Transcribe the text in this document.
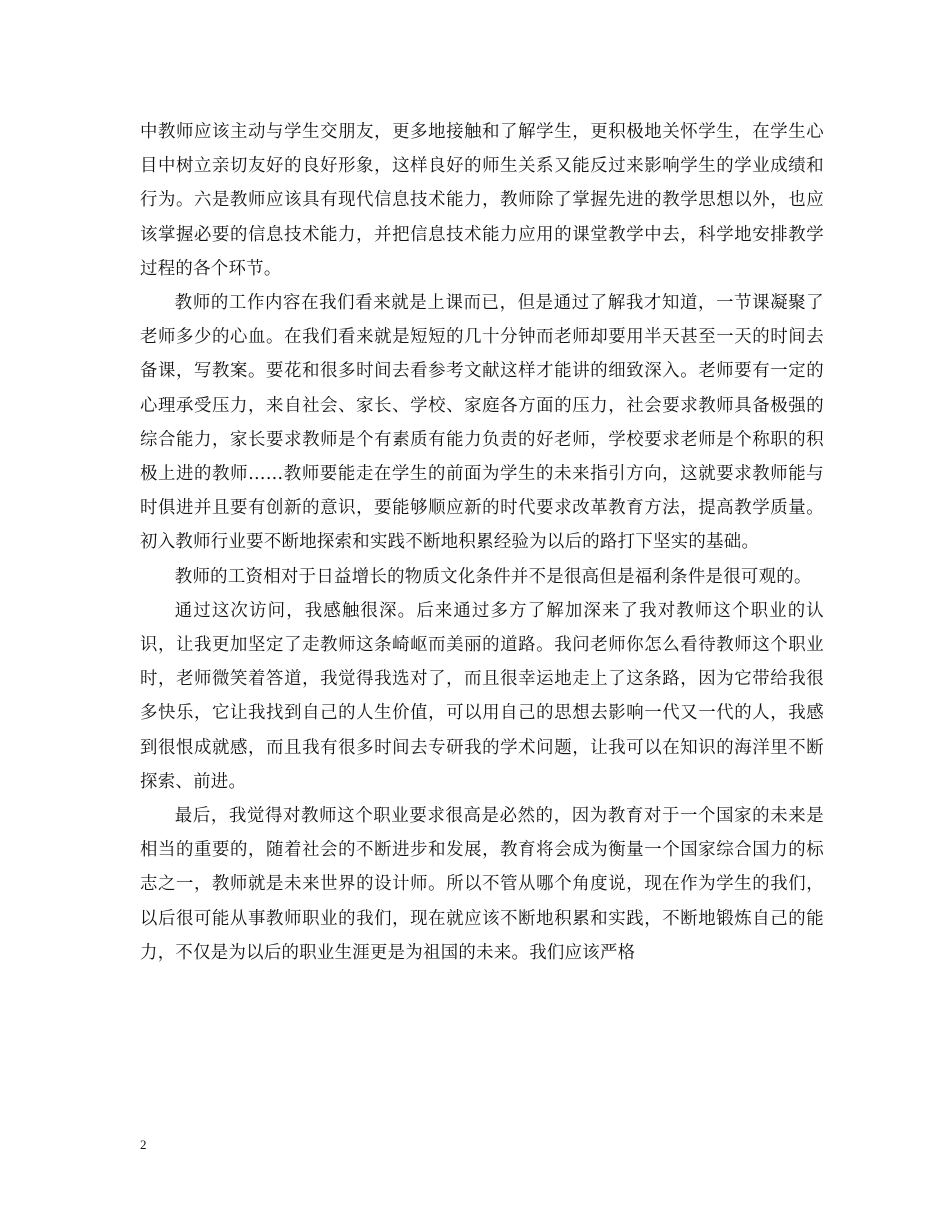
中教师应该主动与学生交朋友，更多地接触和了解学生，更积极地关怀学生，在学生心目中树立亲切友好的良好形象，这样良好的师生关系又能反过来影响学生的学业成绩和行为。六是教师应该具有现代信息技术能力，教师除了掌握先进的教学思想以外，也应该掌握必要的信息技术能力，并把信息技术能力应用的课堂教学中去，科学地安排教学过程的各个环节。

教师的工作内容在我们看来就是上课而已，但是通过了解我才知道，一节课凝聚了老师多少的心血。在我们看来就是短短的几十分钟而老师却要用半天甚至一天的时间去备课，写教案。要花和很多时间去看参考文献这样才能讲的细致深入。老师要有一定的心理承受压力，来自社会、家长、学校、家庭各方面的压力，社会要求教师具备极强的综合能力，家长要求教师是个有素质有能力负责的好老师，学校要求老师是个称职的积极上进的教师……教师要能走在学生的前面为学生的未来指引方向，这就要求教师能与时俱进并且要有创新的意识，要能够顺应新的时代要求改革教育方法，提高教学质量。初入教师行业要不断地探索和实践不断地积累经验为以后的路打下坚实的基础。

教师的工资相对于日益增长的物质文化条件并不是很高但是福利条件是很可观的。

通过这次访问，我感触很深。后来通过多方了解加深来了我对教师这个职业的认识，让我更加坚定了走教师这条崎岖而美丽的道路。我问老师你怎么看待教师这个职业时，老师微笑着答道，我觉得我选对了，而且很幸运地走上了这条路，因为它带给我很多快乐，它让我找到自己的人生价值，可以用自己的思想去影响一代又一代的人，我感到很恨成就感，而且我有很多时间去专研我的学术问题，让我可以在知识的海洋里不断探索、前进。

最后，我觉得对教师这个职业要求很高是必然的，因为教育对于一个国家的未来是相当的重要的，随着社会的不断进步和发展，教育将会成为衡量一个国家综合国力的标志之一，教师就是未来世界的设计师。所以不管从哪个角度说，现在作为学生的我们，以后很可能从事教师职业的我们，现在就应该不断地积累和实践，不断地锻炼自己的能力，不仅是为以后的职业生涯更是为祖国的未来。我们应该严格

2
